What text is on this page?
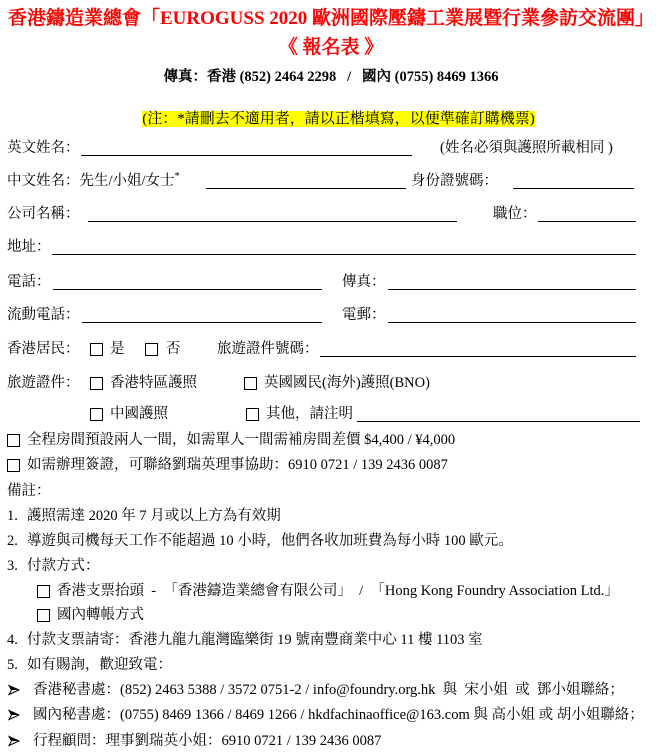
香港鑄造業總會「EUROGUSS 2020 歐洲國際壓鑄工業展暨行業參訪交流團」
《 報名表 》
傳真：香港 (852) 2464 2298   /   國內 (0755) 8469 1366

(注：*請刪去不適用者，請以正楷填寫，以便準確訂購機票)

英文姓名：	(姓名必須與護照所載相同 )
中文姓名：先生/小姐/女士*	身份證號碼：
公司名稱：	職位：
地址：
電話：	傳真：
流動電話：	電郵：
香港居民： 是	否	旅遊證件號碼：
旅遊證件： 香港特區護照	英國國民(海外)護照(BNO)
中國護照	其他，請注明
全程房間預設兩人一間，如需單人一間需補房間差價 $4,400 / ¥4,000
如需辦理簽證，可聯絡劉瑞英理事協助：6910 0721 / 139 2436 0087
備註：
1. 護照需達 2020 年 7 月或以上方為有效期
2. 導遊與司機每天工作不能超過 10 小時，他們各收加班費為每小時 100 歐元。
3. 付款方式：
香港支票抬頭  -  「香港鑄造業總會有限公司」  /  「Hong Kong Foundry Association Ltd.」
國內轉帳方式
4. 付款支票請寄：香港九龍九龍灣臨樂街 19 號南豐商業中心 11 樓 1103 室
5. 如有賜詢，歡迎致電：
香港秘書處：(852) 2463 5388 / 3572 0751-2 / info@foundry.org.hk  與  宋小姐  或  鄧小姐聯絡；
國內秘書處：(0755) 8469 1366 / 8469 1266 / hkdfachinaoffice@163.com 與 高小姐 或 胡小姐聯絡；
行程顧問：理事劉瑞英小姐：6910 0721 / 139 2436 0087
